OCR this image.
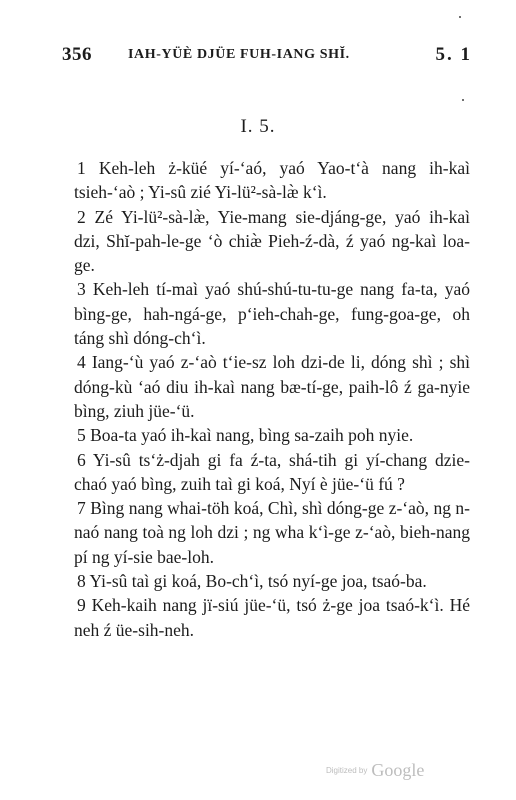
356	IAH-YÜÈ DJÜE FUH-IANG SHĬ.	5. 1
I. 5.

1 Keh-leh ż-küé yí-‘aó, yaó Yao-t‘à nang ih-kaì tsieh-‘aò ; Yi-sû zié Yi-lü²-sà-læ̀ k‘ì.

2 Zé Yi-lü²-sà-læ̀, Yie-mang sie-djáng-ge, yaó ih-kaì dzi, Shĭ-pah-le-ge ‘ò chiæ̀ Pieh-ź-dà, ź yaó ng-kaì loa-ge.

3 Keh-leh tí-maì yaó shú-shú-tu-tu-ge nang fa-ta, yaó bìng-ge, hah-ngá-ge, p‘ieh-chah-ge, fung-goa-ge, oh táng shì dóng-ch‘ì.

4 Iang-‘ù yaó z-‘aò t‘ie-sz loh dzi-de li, dóng shì ; shì dóng-kù ‘aó diu ih-kaì nang bæ-tí-ge, paih-lô ź ga-nyie bìng, ziuh jüe-‘ü.

5 Boa-ta yaó ih-kaì nang, bìng sa-zaih poh nyie.

6 Yi-sû ts‘ż-djah gi fa ź-ta, shá-tih gi yí-chang dzie-chaó yaó bìng, zuih taì gi koá, Nyí è jüe-‘ü fú ?

7 Bìng nang whai-töh koá, Chì, shì dóng-ge z-‘aò, ng n-naó nang toà ng loh dzi ; ng wha k‘ì-ge z-‘aò, bieh-nang pí ng yí-sie bae-loh.

8 Yi-sû taì gi koá, Bo-ch‘ì, tsó nyí-ge joa, tsaó-ba.

9 Keh-kaih nang jï-siú jüe-‘ü, tsó ż-ge joa tsaó-k‘ì. Hé neh ź üe-sih-neh.

Digitized by Google
